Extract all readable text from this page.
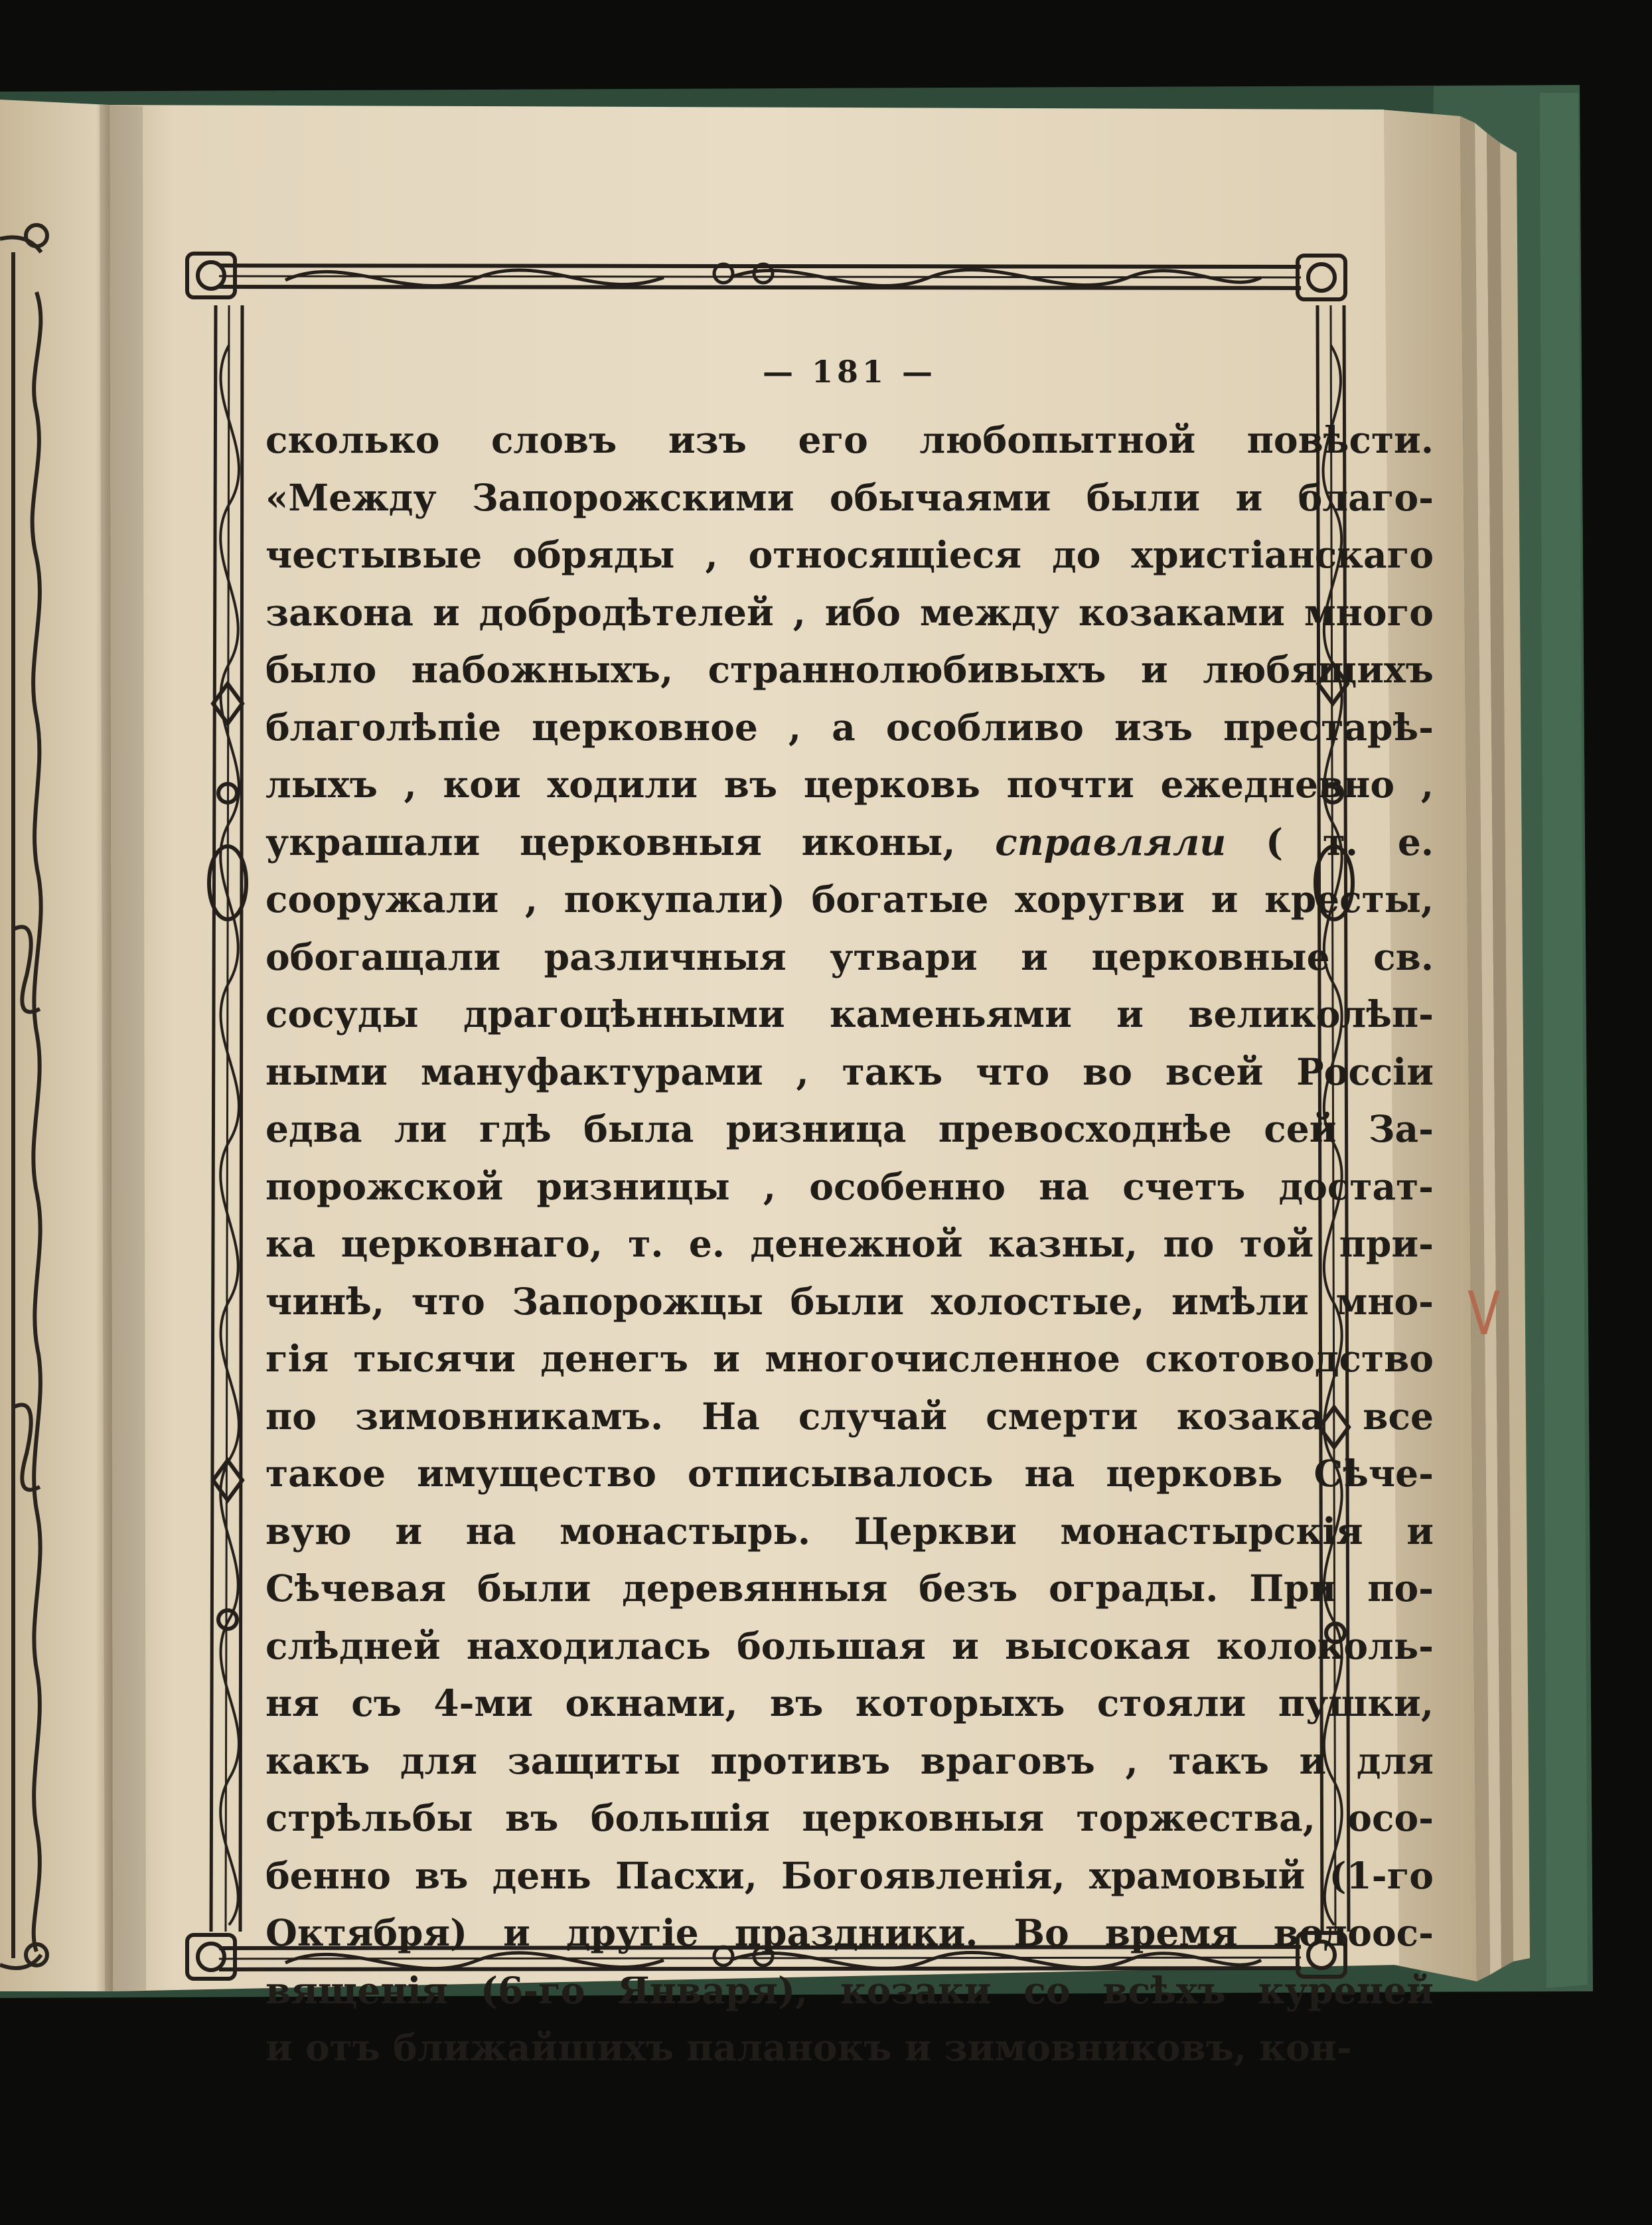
— 181 —
сколько словъ изъ его любопытной повѣсти.
«Между Запорожскими обычаями были и благо-
честывые обряды , относящіеся до христіанскаго
закона и добродѣтелей , ибо между козаками много
было набожныхъ, страннолюбивыхъ и любящихъ
благолѣпіе церковное , а особливо изъ престарѣ-
лыхъ , кои ходили въ церковь почти ежедневно ,
украшали церковныя иконы, справляли ( т. е.
сооружали , покупали) богатые хоругви и кресты,
обогащали различныя утвари и церковные св.
сосуды драгоцѣнными каменьями и великолѣп-
ными мануфактурами , такъ что во всей Россіи
едва ли гдѣ была ризница превосходнѣе сей За-
порожской ризницы , особенно на счетъ достат-
ка церковнаго, т. е. денежной казны, по той при-
чинѣ, что Запорожцы были холостые, имѣли мно-
гія тысячи денегъ и многочисленное скотоводство
по зимовникамъ. На случай смерти козака все
такое имущество отписывалось на церковь Сѣче-
вую и на монастырь. Церкви монастырскія и
Сѣчевая были деревянныя безъ ограды. При по-
слѣдней находилась большая и высокая колоколь-
ня съ 4-ми окнами, въ которыхъ стояли пушки,
какъ для защиты противъ враговъ , такъ и для
стрѣльбы въ большія церковныя торжества, осо-
бенно въ день Пасхи, Богоявленія, храмовый (1-го
Октября) и другіе праздники. Во время водоос-
вященія (6-го Января), козаки со всѣхъ куреней
и отъ ближайшихъ паланокъ и зимовниковъ, кон-
V
